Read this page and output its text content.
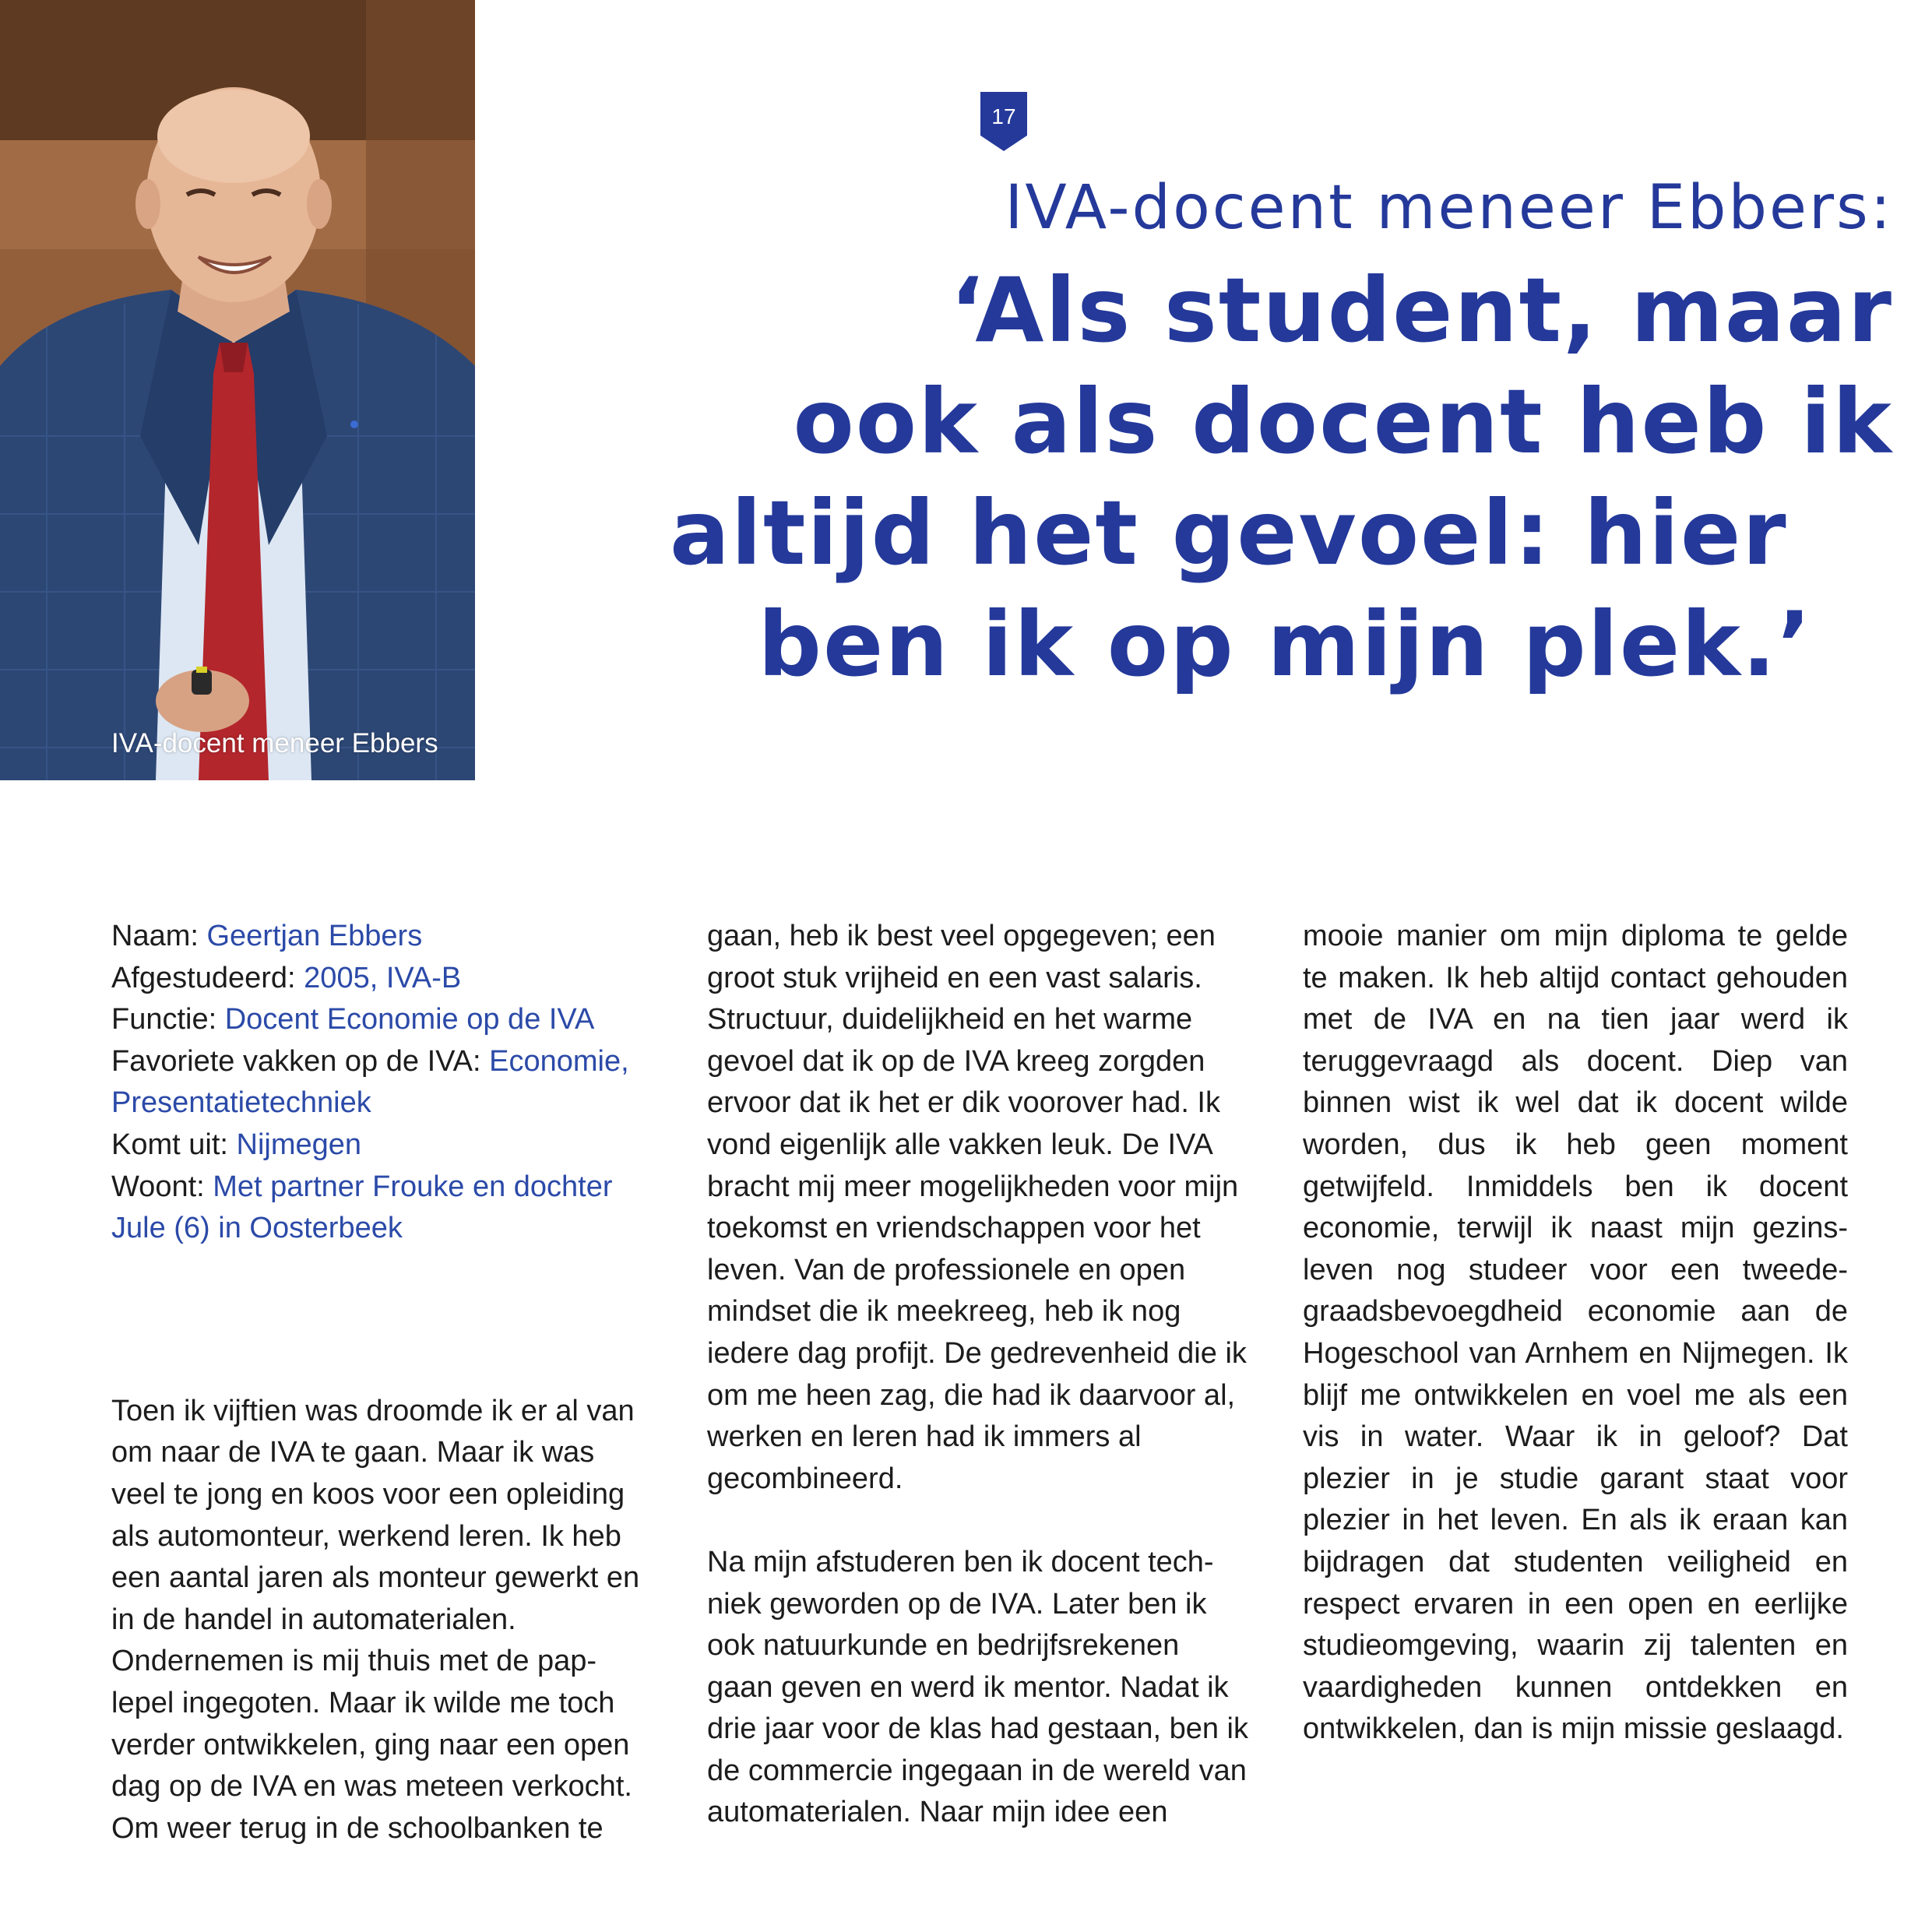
IVA-docent meneer Ebbers
17
IVA-docent meneer Ebbers:
‘Als student, maar
ook als docent heb ik
altijd het gevoel: hier
ben ik op mijn plek.’
Naam: Geertjan Ebbers
Afgestudeerd: 2005, IVA-B
Functie: Docent Economie op de IVA
Favoriete vakken op de IVA: Economie,
Presentatietechniek
Komt uit: Nijmegen
Woont: Met partner Frouke en dochter
Jule (6) in Oosterbeek
Toen ik vijftien was droomde ik er al van om naar de IVA te gaan. Maar ik was veel te jong en koos voor een opleiding als automonteur, werkend leren. Ik heb een aantal jaren als monteur gewerkt en in de handel in automaterialen. Ondernemen is mij thuis met de pap-lepel ingegoten. Maar ik wilde me toch verder ontwikkelen, ging naar een open dag op de IVA en was meteen verkocht. Om weer terug in de schoolbanken te
gaan, heb ik best veel opgegeven; een groot stuk vrijheid en een vast salaris. Structuur, duidelijkheid en het warme gevoel dat ik op de IVA kreeg zorgden ervoor dat ik het er dik voorover had. Ik vond eigenlijk alle vakken leuk. De IVA bracht mij meer mogelijkheden voor mijn toekomst en vriendschappen voor het leven. Van de professionele en open mindset die ik meekreeg, heb ik nog iedere dag profijt. De gedrevenheid die ik om me heen zag, die had ik daarvoor al, werken en leren had ik immers al gecombineerd.
Na mijn afstuderen ben ik docent tech-niek geworden op de IVA. Later ben ik ook natuurkunde en bedrijfsrekenen gaan geven en werd ik mentor. Nadat ik drie jaar voor de klas had gestaan, ben ik de commercie ingegaan in de wereld van automaterialen. Naar mijn idee een
mooie manier om mijn diploma te gelde te maken. Ik heb altijd contact gehouden met de IVA en na tien jaar werd ik teruggevraagd als docent. Diep van binnen wist ik wel dat ik docent wilde worden, dus ik heb geen moment getwijfeld. Inmiddels ben ik docent economie, terwijl ik naast mijn gezins-leven nog studeer voor een tweede-graadsbevoegdheid economie aan de Hogeschool van Arnhem en Nijmegen. Ik blijf me ontwikkelen en voel me als een vis in water. Waar ik in geloof? Dat plezier in je studie garant staat voor plezier in het leven. En als ik eraan kan bijdragen dat studenten veiligheid en respect ervaren in een open en eerlijke studieomgeving, waarin zij talenten en vaardigheden kunnen ontdekken en ontwikkelen, dan is mijn missie geslaagd.
